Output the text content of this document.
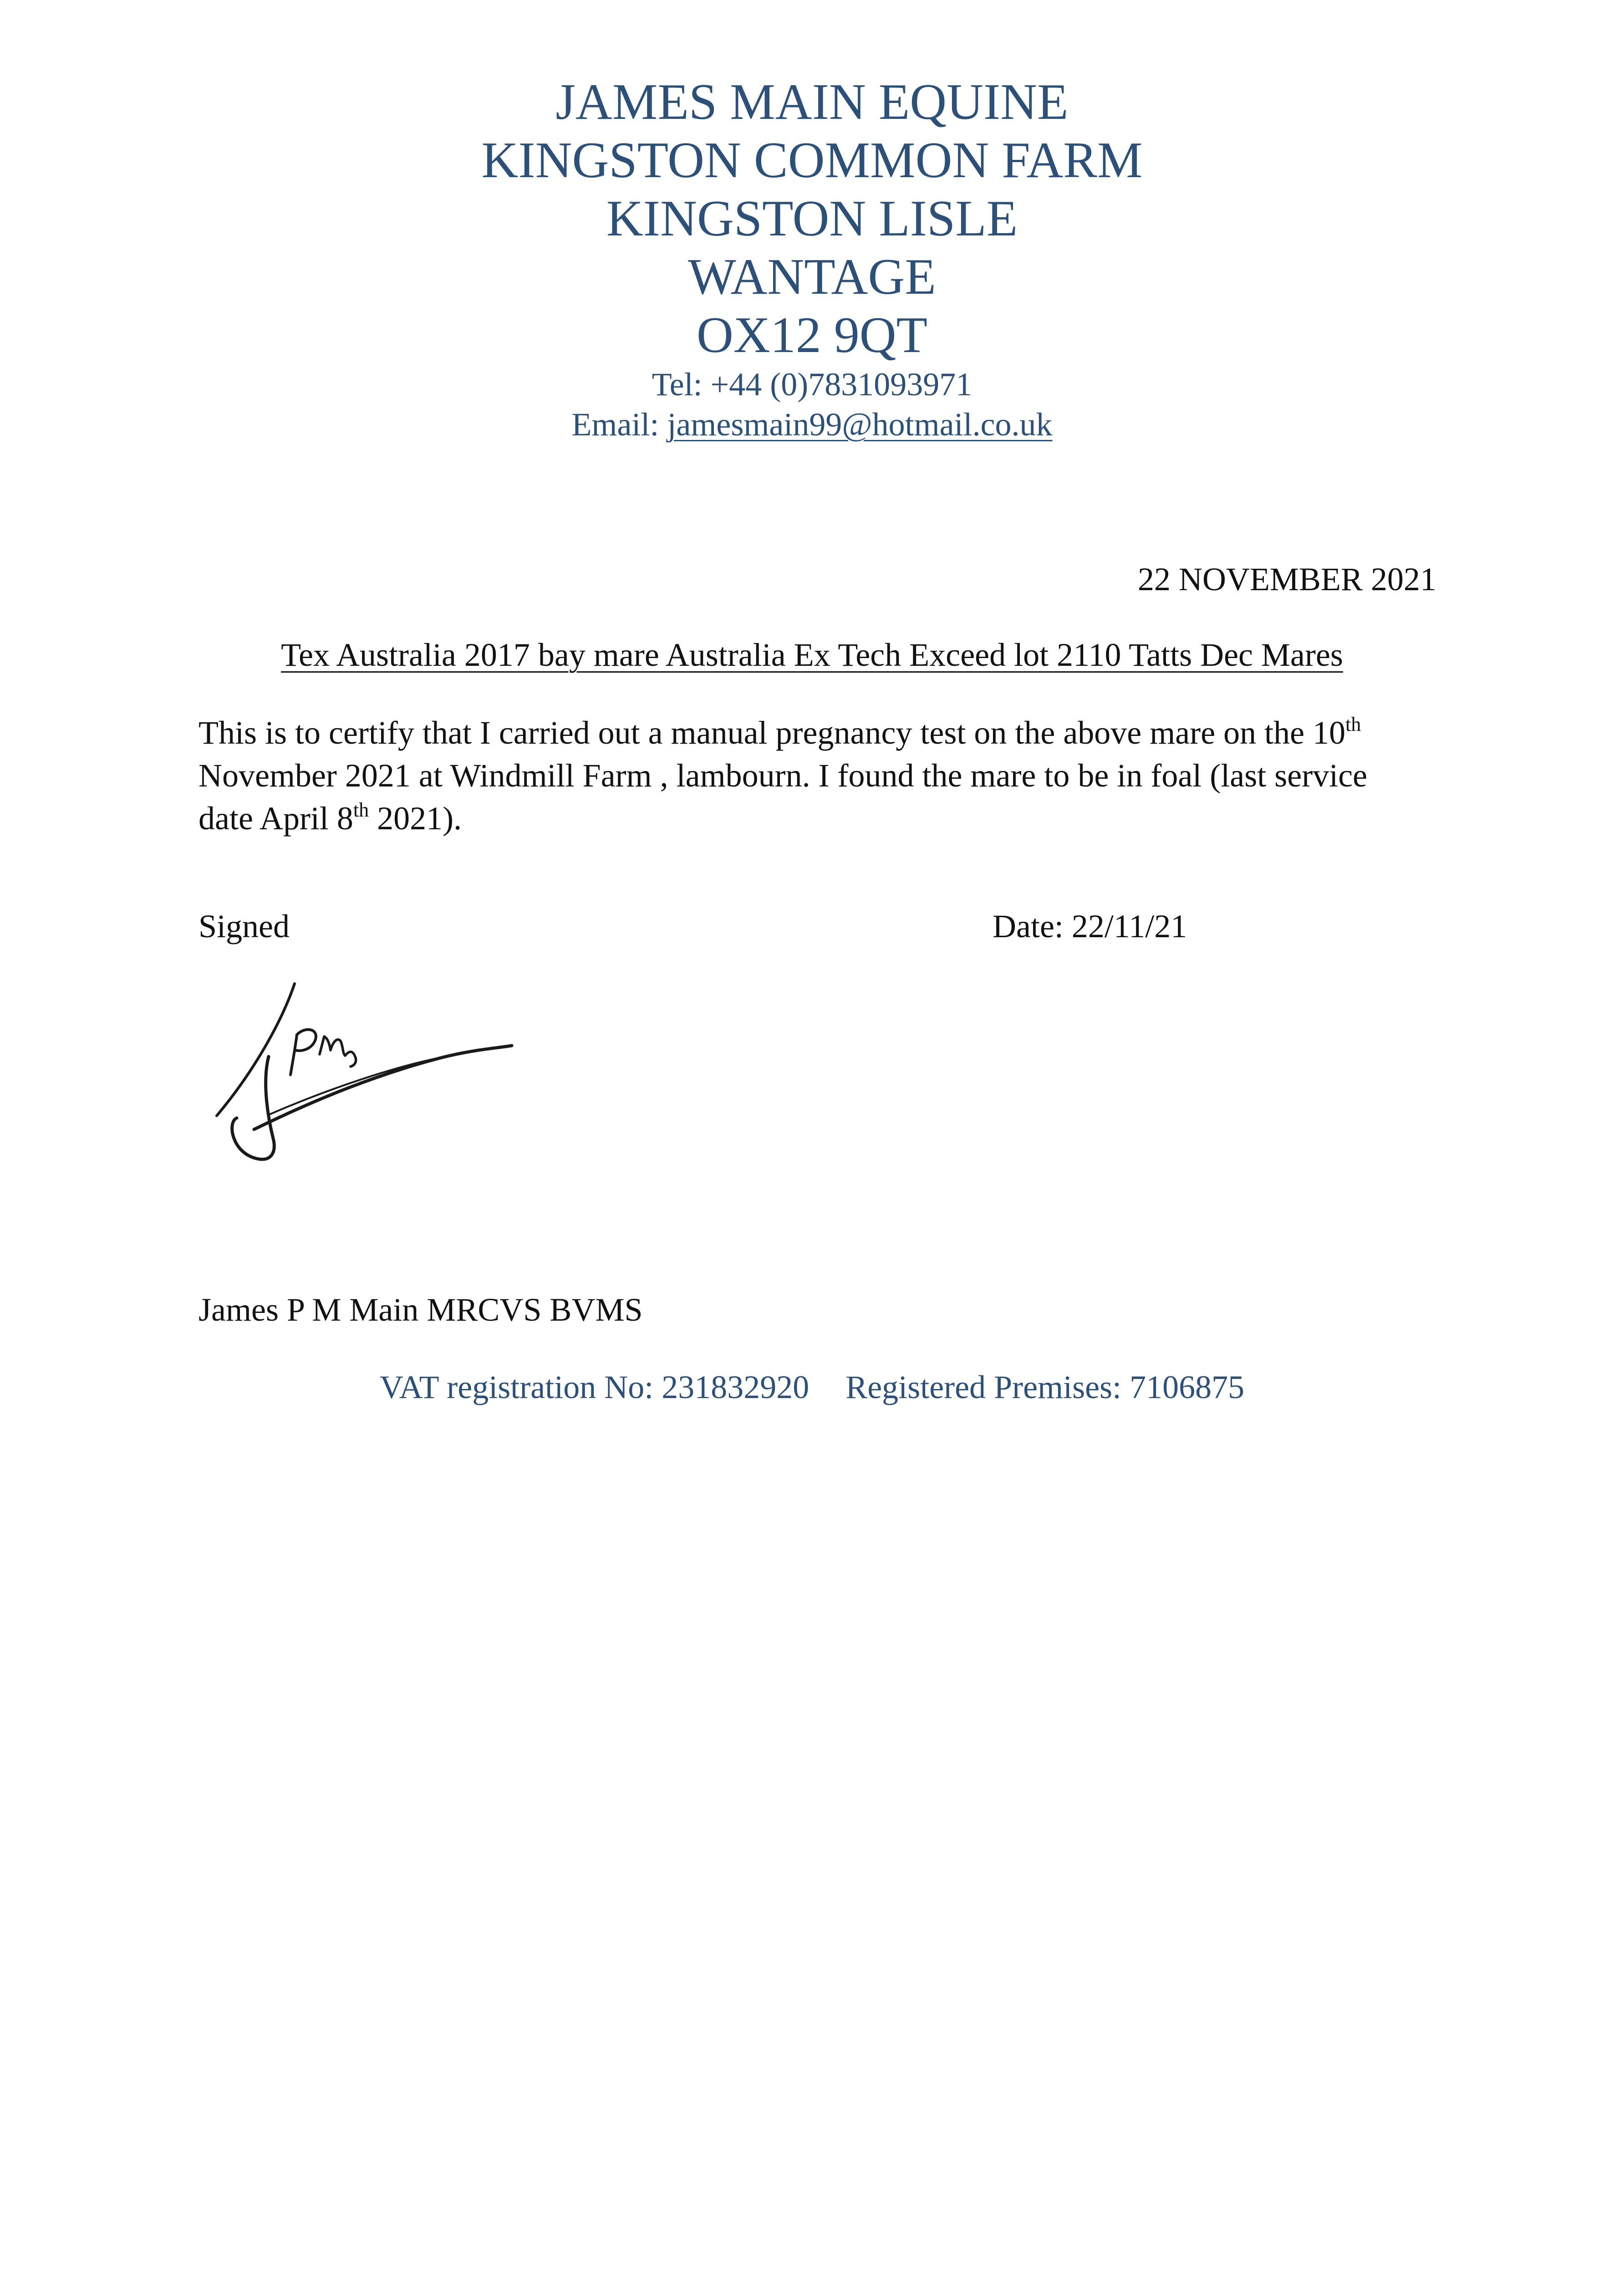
JAMES MAIN EQUINE
KINGSTON COMMON FARM
KINGSTON LISLE
WANTAGE
OX12 9QT
Tel: +44 (0)7831093971
Email: jamesmain99@hotmail.co.uk
22 NOVEMBER 2021
Tex Australia 2017 bay mare Australia Ex Tech Exceed lot 2110 Tatts Dec Mares

This is to certify that I carried out a manual pregnancy test on the above mare on the 10th

November 2021 at Windmill Farm , lambourn. I found the mare to be in foal (last service

date April 8th 2021).

Signed	Date: 22/11/21
James P M Main MRCVS BVMS
VAT registration No: 231832920 Registered Premises: 7106875
